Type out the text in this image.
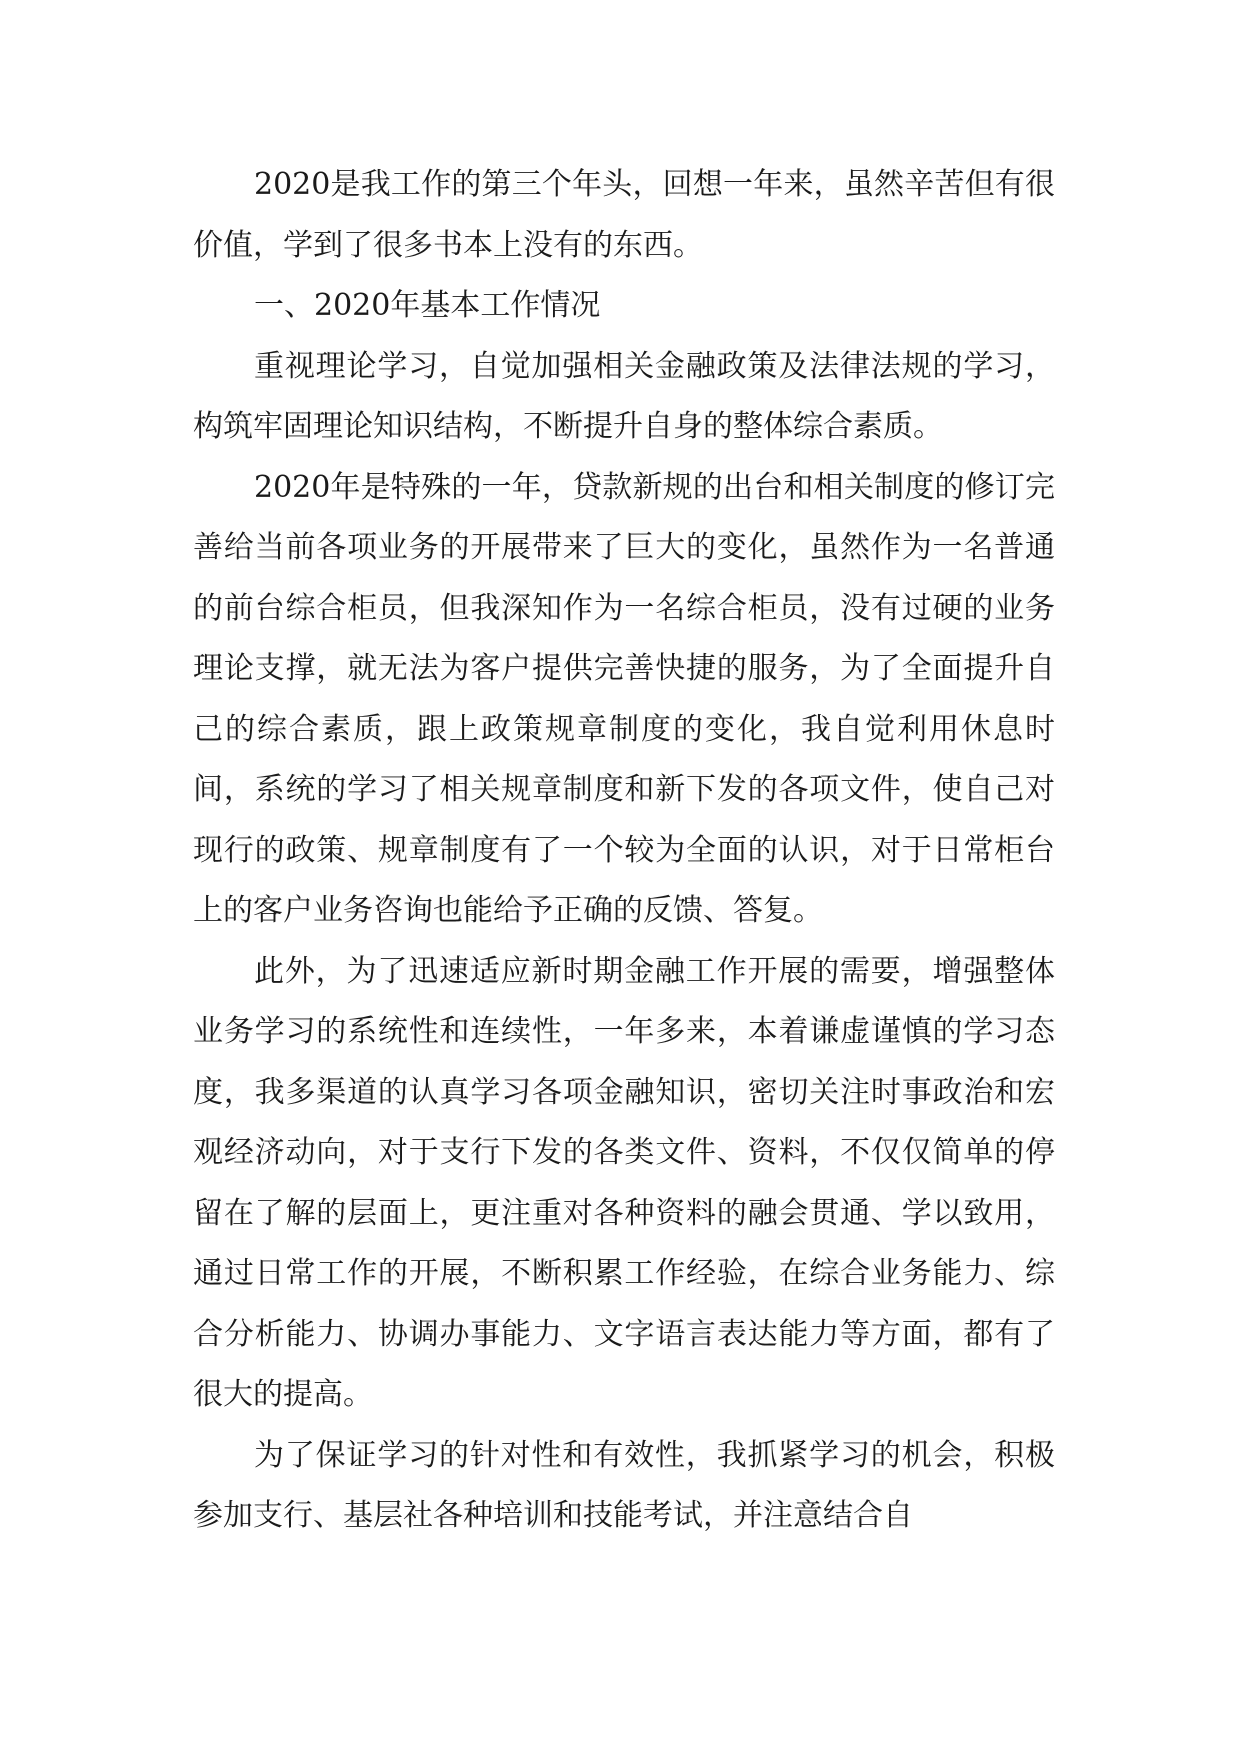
2020是我工作的第三个年头，回想一年来，虽然辛苦但有很价值，学到了很多书本上没有的东西。

一、2020年基本工作情况

重视理论学习，自觉加强相关金融政策及法律法规的学习，构筑牢固理论知识结构，不断提升自身的整体综合素质。

2020年是特殊的一年，贷款新规的出台和相关制度的修订完善给当前各项业务的开展带来了巨大的变化，虽然作为一名普通的前台综合柜员，但我深知作为一名综合柜员，没有过硬的业务理论支撑，就无法为客户提供完善快捷的服务，为了全面提升自己的综合素质，跟上政策规章制度的变化，我自觉利用休息时间，系统的学习了相关规章制度和新下发的各项文件，使自己对现行的政策、规章制度有了一个较为全面的认识，对于日常柜台上的客户业务咨询也能给予正确的反馈、答复。

此外，为了迅速适应新时期金融工作开展的需要，增强整体业务学习的系统性和连续性，一年多来，本着谦虚谨慎的学习态度，我多渠道的认真学习各项金融知识，密切关注时事政治和宏观经济动向，对于支行下发的各类文件、资料，不仅仅简单的停留在了解的层面上，更注重对各种资料的融会贯通、学以致用，通过日常工作的开展，不断积累工作经验，在综合业务能力、综合分析能力、协调办事能力、文字语言表达能力等方面，都有了很大的提高。

为了保证学习的针对性和有效性，我抓紧学习的机会，积极参加支行、基层社各种培训和技能考试，并注意结合自
